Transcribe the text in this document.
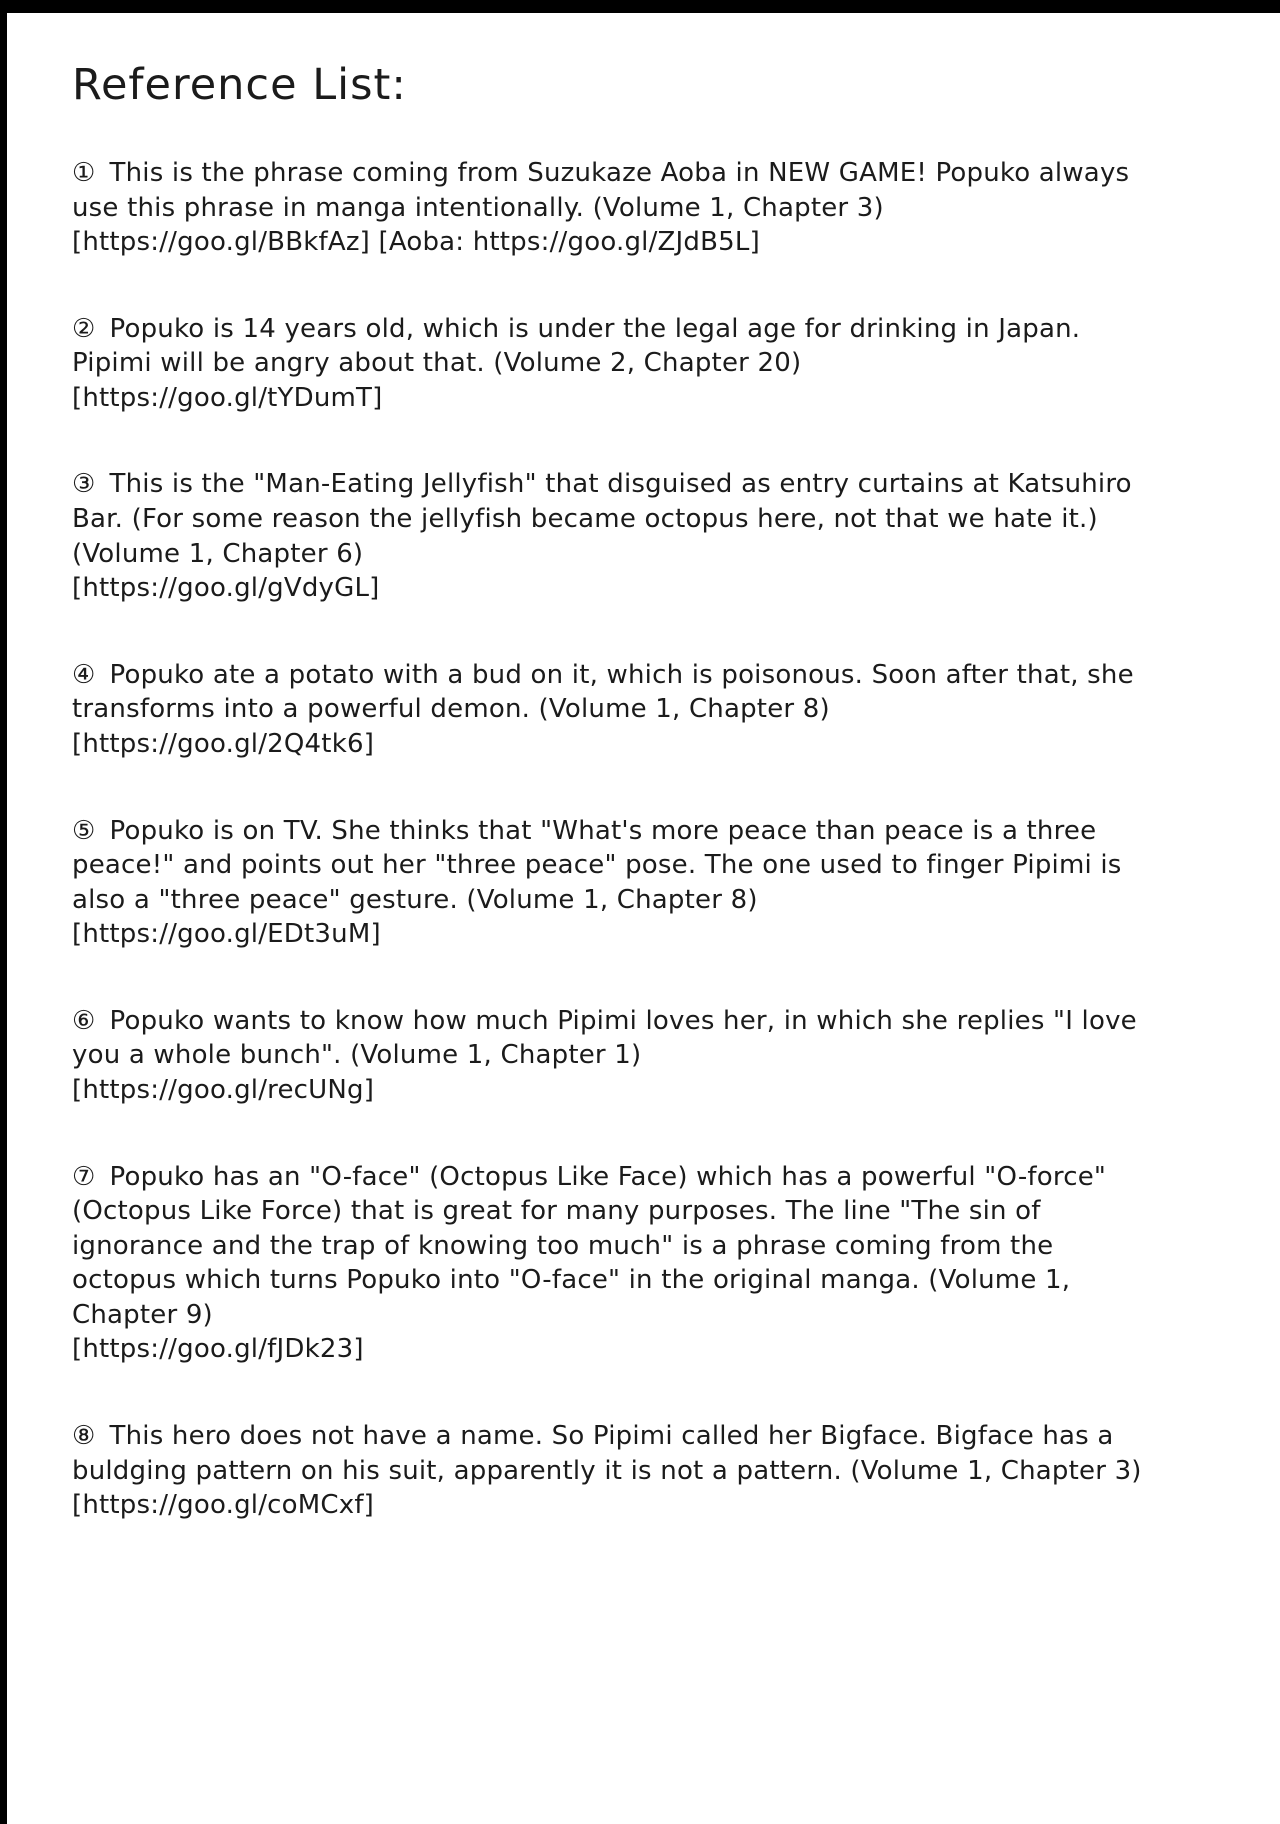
Reference List:

① This is the phrase coming from Suzukaze Aoba in NEW GAME! Popuko always use this phrase in manga intentionally. (Volume 1, Chapter 3)

[https://goo.gl/BBkfAz] [Aoba: https://goo.gl/ZJdB5L]

② Popuko is 14 years old, which is under the legal age for drinking in Japan. Pipimi will be angry about that. (Volume 2, Chapter 20)

[https://goo.gl/tYDumT]

③ This is the "Man-Eating Jellyfish" that disguised as entry curtains at Katsuhiro Bar. (For some reason the jellyfish became octopus here, not that we hate it.) (Volume 1, Chapter 6)

[https://goo.gl/gVdyGL]

④ Popuko ate a potato with a bud on it, which is poisonous. Soon after that, she transforms into a powerful demon. (Volume 1, Chapter 8)

[https://goo.gl/2Q4tk6]

⑤ Popuko is on TV. She thinks that "What's more peace than peace is a three peace!" and points out her "three peace" pose. The one used to finger Pipimi is also a "three peace" gesture. (Volume 1, Chapter 8)

[https://goo.gl/EDt3uM]

⑥ Popuko wants to know how much Pipimi loves her, in which she replies "I love you a whole bunch". (Volume 1, Chapter 1)

[https://goo.gl/recUNg]

⑦ Popuko has an "O-face" (Octopus Like Face) which has a powerful "O-force" (Octopus Like Force) that is great for many purposes. The line "The sin of ignorance and the trap of knowing too much" is a phrase coming from the octopus which turns Popuko into "O-face" in the original manga. (Volume 1, Chapter 9)

[https://goo.gl/fJDk23]

⑧ This hero does not have a name. So Pipimi called her Bigface. Bigface has a buldging pattern on his suit, apparently it is not a pattern. (Volume 1, Chapter 3)

[https://goo.gl/coMCxf]
